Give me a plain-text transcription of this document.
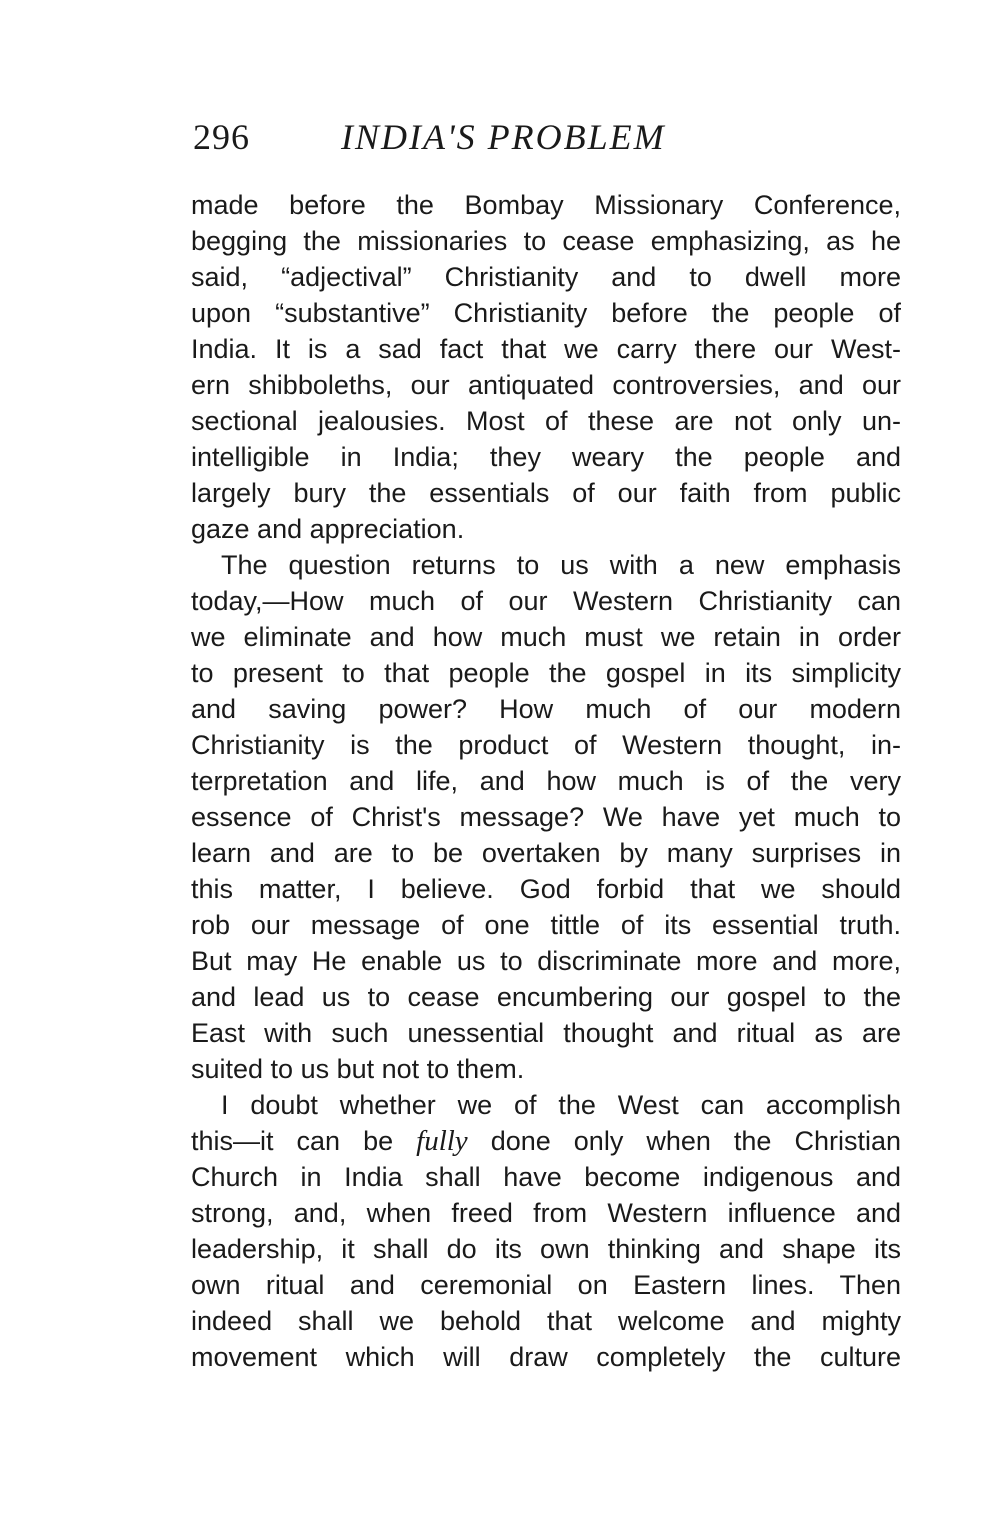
296	INDIA'S PROBLEM
made before the Bombay Missionary Conference,
begging the missionaries to cease emphasizing, as he
said, “adjectival” Christianity and to dwell more
upon “substantive” Christianity before the people of
India. It is a sad fact that we carry there our West-
ern shibboleths, our antiquated controversies, and our
sectional jealousies. Most of these are not only un-
intelligible in India; they weary the people and
largely bury the essentials of our faith from public
gaze and appreciation.
The question returns to us with a new emphasis
today,—How much of our Western Christianity can
we eliminate and how much must we retain in order
to present to that people the gospel in its simplicity
and saving power? How much of our modern
Christianity is the product of Western thought, in-
terpretation and life, and how much is of the very
essence of Christ's message? We have yet much to
learn and are to be overtaken by many surprises in
this matter, I believe. God forbid that we should
rob our message of one tittle of its essential truth.
But may He enable us to discriminate more and more,
and lead us to cease encumbering our gospel to the
East with such unessential thought and ritual as are
suited to us but not to them.
I doubt whether we of the West can accomplish
this—it can be fully done only when the Christian
Church in India shall have become indigenous and
strong, and, when freed from Western influence and
leadership, it shall do its own thinking and shape its
own ritual and ceremonial on Eastern lines. Then
indeed shall we behold that welcome and mighty
movement which will draw completely the culture
